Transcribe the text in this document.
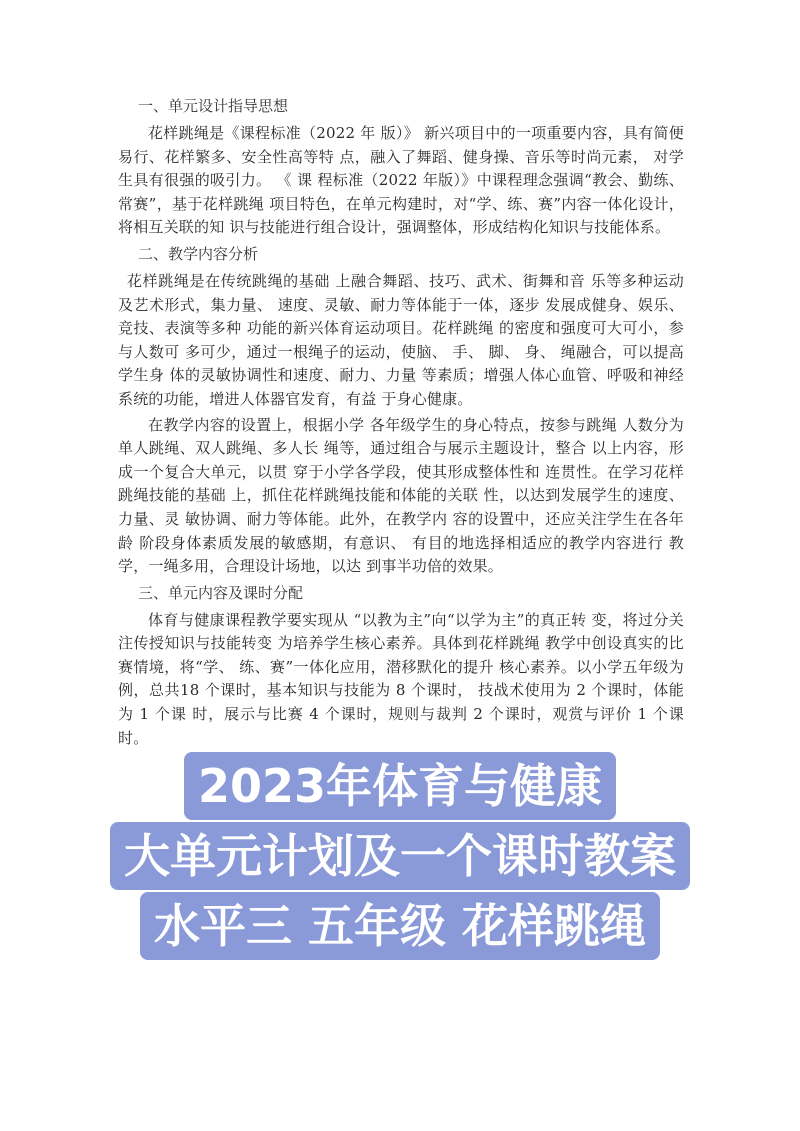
一、单元设计指导思想

花样跳绳是《课程标准（2022 年 版）》 新兴项目中的一项重要内容，具有简便易行、花样繁多、安全性高等特 点，融入了舞蹈、健身操、音乐等时尚元素， 对学生具有很强的吸引力。 《 课 程标准（2022 年版）》中课程理念强调“教会、勤练、常赛”，基于花样跳绳 项目特色，在单元构建时，对“学、练、赛”内容一体化设计，将相互关联的知 识与技能进行组合设计，强调整体，形成结构化知识与技能体系。

二、教学内容分析

花样跳绳是在传统跳绳的基础 上融合舞蹈、技巧、武术、街舞和音 乐等多种运动及艺术形式，集力量、 速度、灵敏、耐力等体能于一体，逐步 发展成健身、娱乐、竞技、表演等多种 功能的新兴体育运动项目。花样跳绳 的密度和强度可大可小，参与人数可 多可少，通过一根绳子的运动，使脑、 手、 脚、 身、 绳融合，可以提高学生身 体的灵敏协调性和速度、耐力、力量 等素质；增强人体心血管、呼吸和神经 系统的功能，增进人体器官发育，有益 于身心健康。

在教学内容的设置上，根据小学 各年级学生的身心特点，按参与跳绳 人数分为单人跳绳、双人跳绳、多人长 绳等，通过组合与展示主题设计，整合 以上内容，形成一个复合大单元，以贯 穿于小学各学段，使其形成整体性和 连贯性。在学习花样跳绳技能的基础 上，抓住花样跳绳技能和体能的关联 性，以达到发展学生的速度、力量、灵 敏协调、耐力等体能。此外，在教学内 容的设置中，还应关注学生在各年龄 阶段身体素质发展的敏感期，有意识、 有目的地选择相适应的教学内容进行 教学，一绳多用，合理设计场地，以达 到事半功倍的效果。

三、单元内容及课时分配

体育与健康课程教学要实现从 “以教为主”向“以学为主”的真正转 变，将过分关注传授知识与技能转变 为培养学生核心素养。具体到花样跳绳 教学中创设真实的比赛情境，将“学、 练、赛”一体化应用，潜移默化的提升 核心素养。以小学五年级为例，总共18 个课时，基本知识与技能为 8 个课时， 技战术使用为 2 个课时，体能为 1 个课 时，展示与比赛 4 个课时，规则与裁判 2 个课时，观赏与评价 1 个课时。

2023年体育与健康
大单元计划及一个课时教案
水平三 五年级 花样跳绳
